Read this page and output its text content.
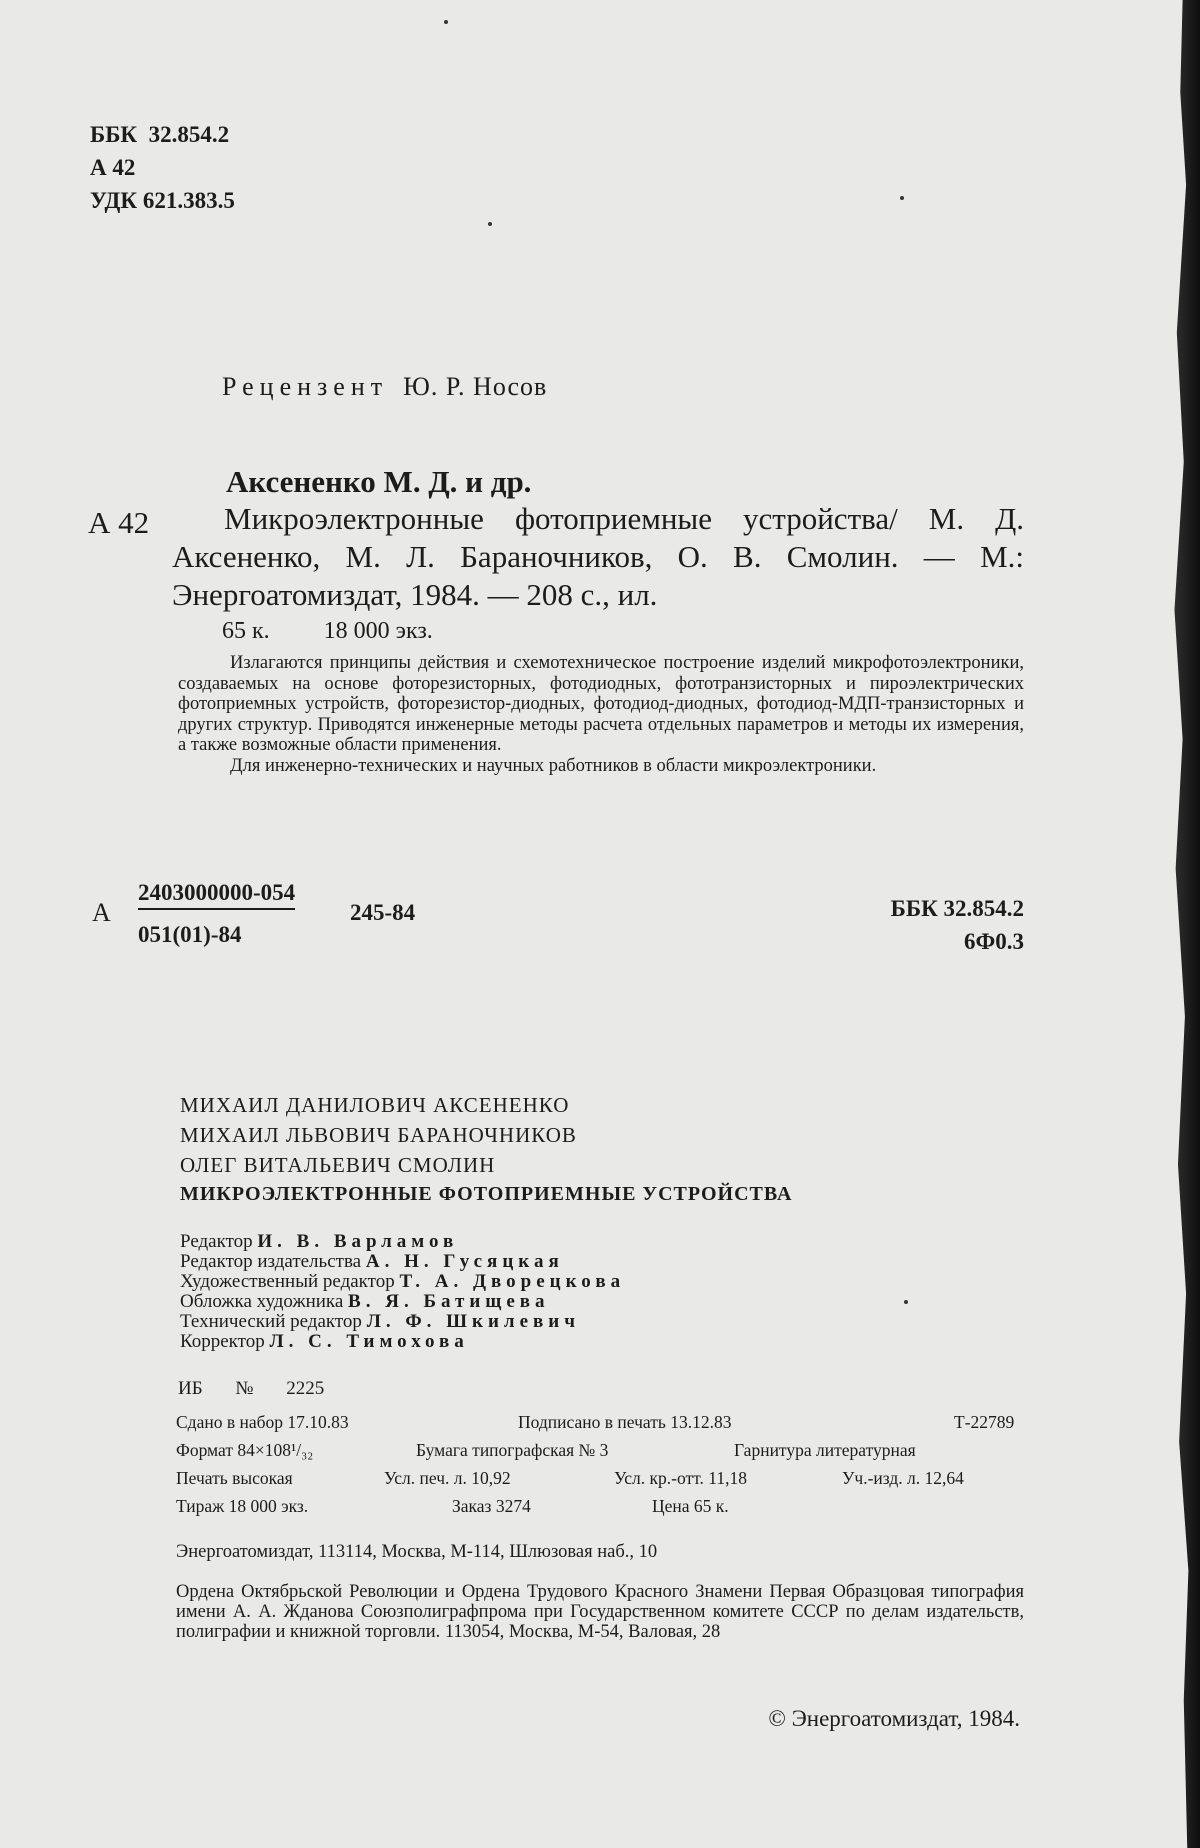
ББК 32.854.2
А 42
УДК 621.383.5
Рецензент Ю. Р. Носов
Аксененко М. Д. и др.
А 42	Микроэлектронные фотоприемные устройства/ М. Д. Аксененко, М. Л. Бараночников, О. В. Смолин. — М.: Энергоатомиздат, 1984. — 208 с., ил.
65 к. 18 000 экз.

Излагаются принципы действия и схемотехническое построение изделий микрофотоэлектроники, создаваемых на основе фоторезисторных, фотодиодных, фототранзисторных и пироэлектрических фотоприемных устройств, фоторезистор-диодных, фотодиод-диодных, фотодиод-МДП-транзисторных и других структур. Приводятся инженерные методы расчета отдельных параметров и методы их измерения, а также возможные области применения.

Для инженерно-технических и научных работников в области микроэлектроники.

А
2403000000-054
245-84
051(01)-84
ББК 32.854.2
6Ф0.3
МИХАИЛ ДАНИЛОВИЧ АКСЕНЕНКО
МИХАИЛ ЛЬВОВИЧ БАРАНОЧНИКОВ
ОЛЕГ ВИТАЛЬЕВИЧ СМОЛИН
МИКРОЭЛЕКТРОННЫЕ ФОТОПРИЕМНЫЕ УСТРОЙСТВА
Редактор И. В. Варламов
Редактор издательства А. Н. Гусяцкая
Художественный редактор Т. А. Дворецкова
Обложка художника В. Я. Батищева
Технический редактор Л. Ф. Шкилевич
Корректор Л. С. Тимохова
ИБ № 2225
Сдано в набор 17.10.83	Подписано в печать 13.12.83	Т-22789
Формат 84×108¹/₃₂	Бумага типографская № 3	Гарнитура литературная
Печать высокая	Усл. печ. л. 10,92	Усл. кр.-отт. 11,18	Уч.-изд. л. 12,64
Тираж 18 000 экз.	Заказ 3274	Цена 65 к.
Энергоатомиздат, 113114, Москва, М-114, Шлюзовая наб., 10
Ордена Октябрьской Революции и Ордена Трудового Красного Знамени Первая Образцовая типография имени А. А. Жданова Союзполиграфпрома при Государственном комитете СССР по делам издательств, полиграфии и книжной торговли. 113054, Москва, М-54, Валовая, 28
© Энергоатомиздат, 1984.
